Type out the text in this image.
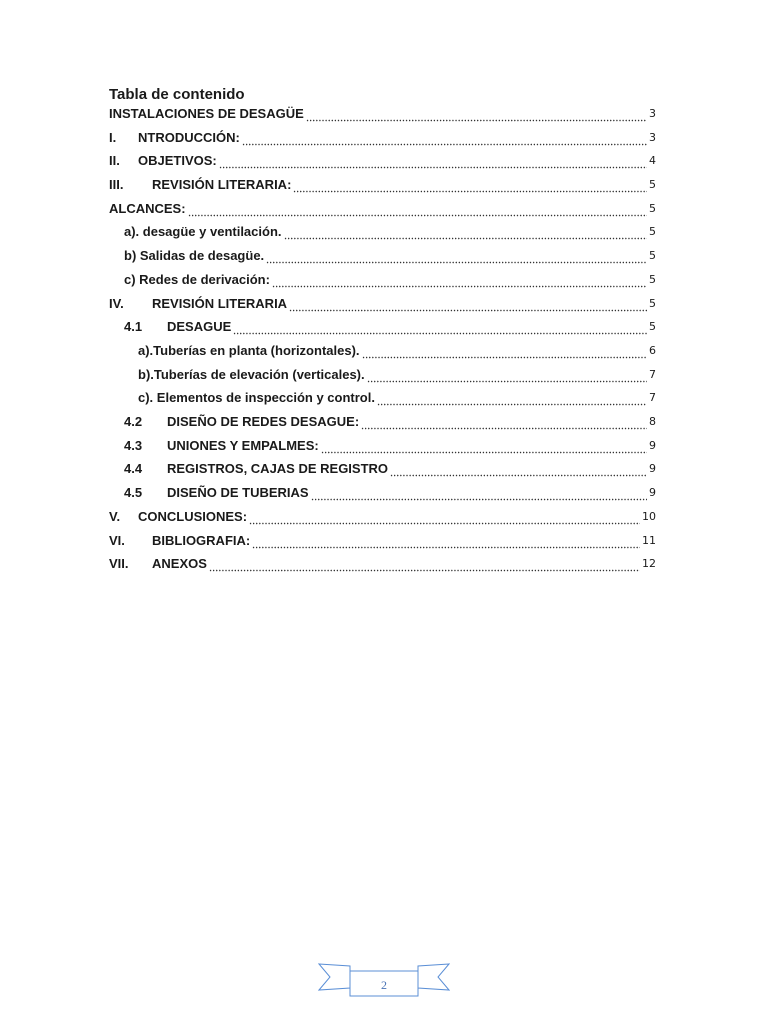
Tabla de contenido
INSTALACIONES DE DESAGÜE	3
I.	NTRODUCCIÓN:	3
II.	OBJETIVOS:	4
III.	REVISIÓN LITERARIA:	5
ALCANCES:	5
a). desagüe y ventilación.	5
b) Salidas de desagüe.	5
c) Redes de derivación:	5
IV.	REVISIÓN LITERARIA	5
4.1	DESAGUE	5
a).Tuberías en planta (horizontales).	6
b).Tuberías de elevación (verticales).	7
c). Elementos de inspección y control.	7
4.2	DISEÑO DE REDES DESAGUE:	8
4.3	UNIONES Y EMPALMES:	9
4.4	REGISTROS, CAJAS DE REGISTRO	9
4.5	DISEÑO DE TUBERIAS	9
V.	CONCLUSIONES:	10
VI.	BIBLIOGRAFIA:	11
VII.	ANEXOS	12
2
